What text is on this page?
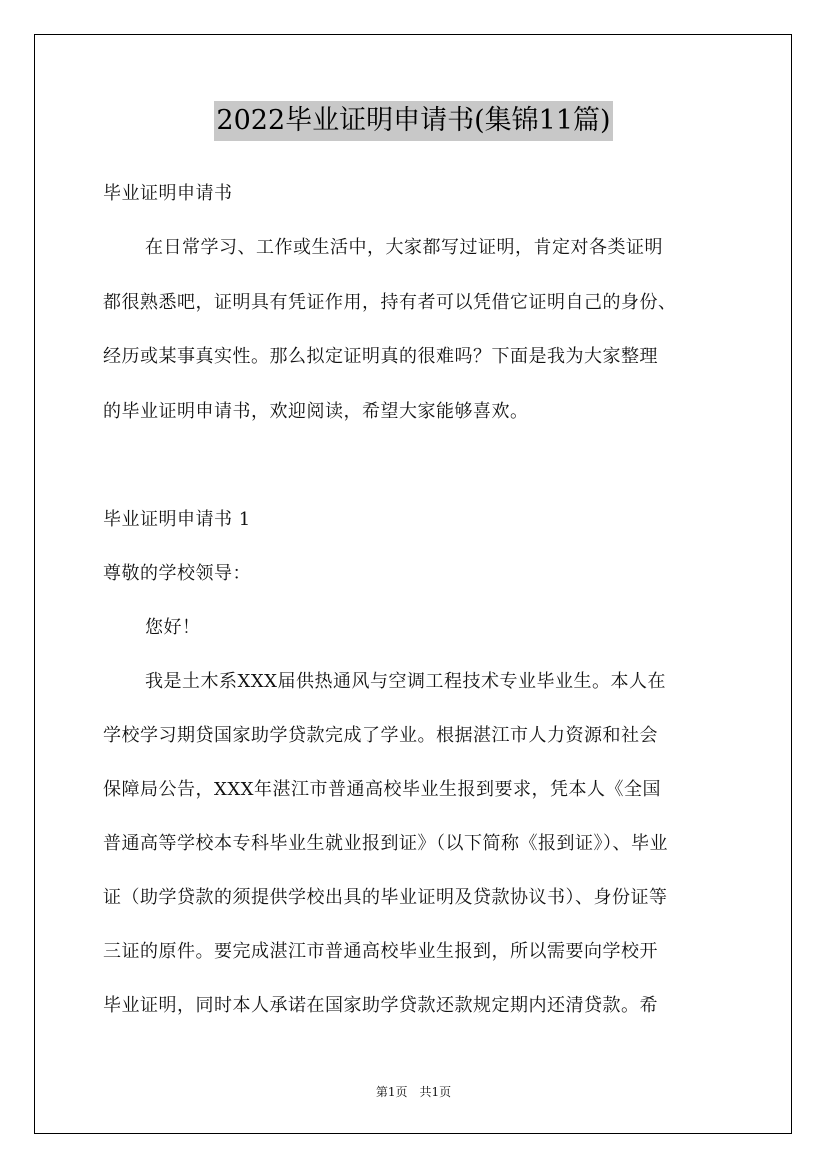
2022毕业证明申请书(集锦11篇)
毕业证明申请书
在日常学习、工作或生活中，大家都写过证明，肯定对各类证明
都很熟悉吧，证明具有凭证作用，持有者可以凭借它证明自己的身份、
经历或某事真实性。那么拟定证明真的很难吗？下面是我为大家整理
的毕业证明申请书，欢迎阅读，希望大家能够喜欢。
毕业证明申请书 1
尊敬的学校领导：
您好！
我是土木系XXX届供热通风与空调工程技术专业毕业生。本人在
学校学习期贷国家助学贷款完成了学业。根据湛江市人力资源和社会
保障局公告，XXX年湛江市普通高校毕业生报到要求，凭本人《全国
普通高等学校本专科毕业生就业报到证》（以下简称《报到证》）、毕业
证（助学贷款的须提供学校出具的毕业证明及贷款协议书）、身份证等
三证的原件。要完成湛江市普通高校毕业生报到，所以需要向学校开
毕业证明，同时本人承诺在国家助学贷款还款规定期内还清贷款。希
第1页　共1页
